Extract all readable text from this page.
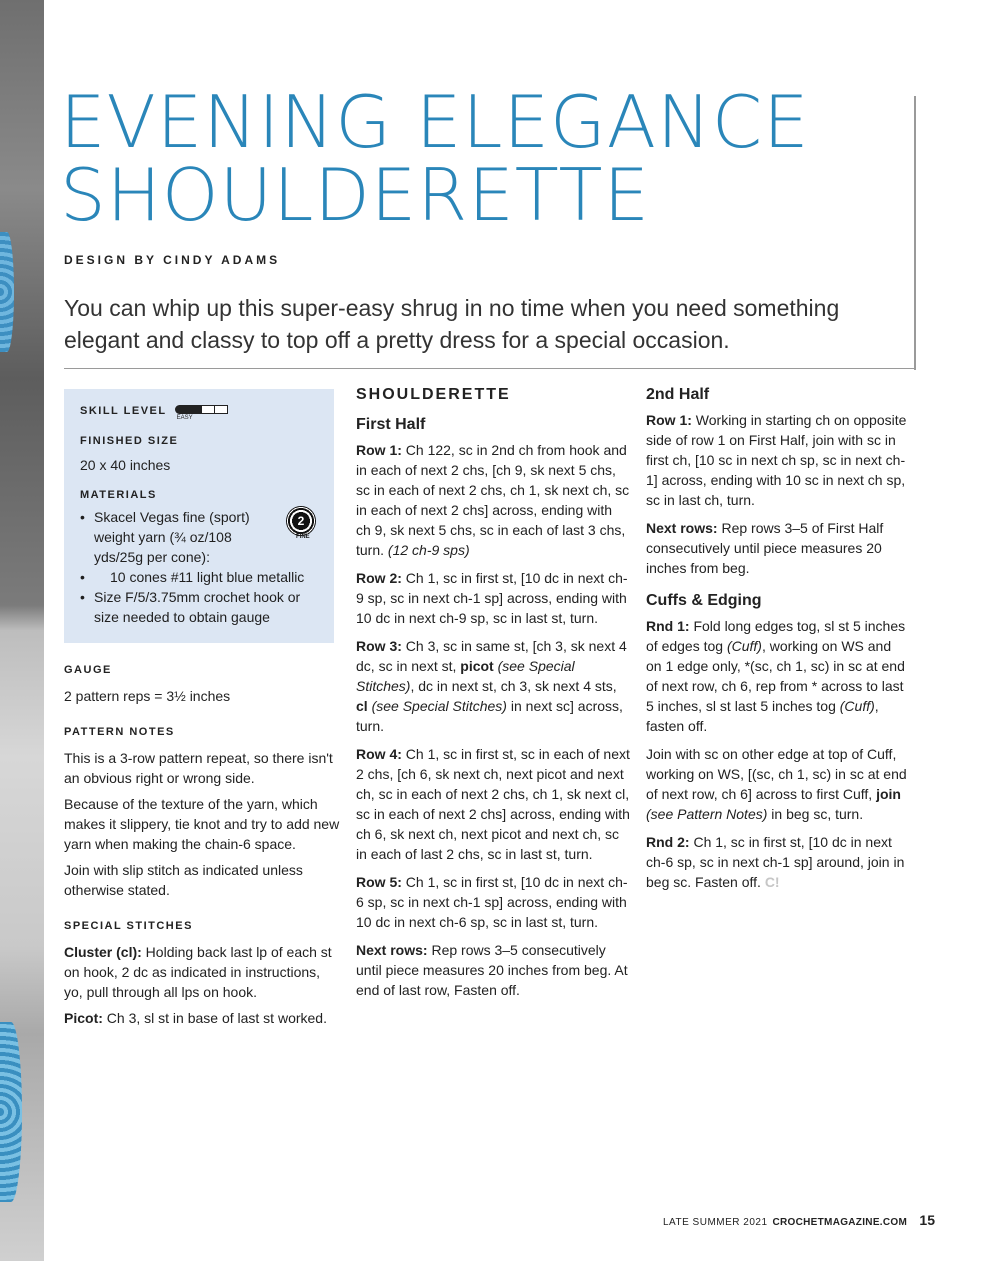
EVENING ELEGANCE
SHOULDERETTE
DESIGN BY CINDY ADAMS
You can whip up this super-easy shrug in no time when you need something elegant and classy to top off a pretty dress for a special occasion.
SKILL LEVEL
EASY
FINISHED SIZE
20 x 40 inches
MATERIALS
• Skacel Vegas fine (sport) weight yarn (¾ oz/108 yds/25g per cone):
• 10 cones #11 light blue metallic
• Size F/5/3.75mm crochet hook or size needed to obtain gauge
2
FINE
GAUGE

2 pattern reps = 3½ inches

PATTERN NOTES

This is a 3-row pattern repeat, so there isn't an obvious right or wrong side.

Because of the texture of the yarn, which makes it slippery, tie knot and try to add new yarn when making the chain-6 space.

Join with slip stitch as indicated unless otherwise stated.

SPECIAL STITCHES

Cluster (cl): Holding back last lp of each st on hook, 2 dc as indicated in instructions, yo, pull through all lps on hook.

Picot: Ch 3, sl st in base of last st worked.

SHOULDERETTE
First Half

Row 1: Ch 122, sc in 2nd ch from hook and in each of next 2 chs, [ch 9, sk next 5 chs, sc in each of next 2 chs, ch 1, sk next ch, sc in each of next 2 chs] across, ending with ch 9, sk next 5 chs, sc in each of last 3 chs, turn. (12 ch-9 sps)

Row 2: Ch 1, sc in first st, [10 dc in next ch-9 sp, sc in next ch-1 sp] across, ending with 10 dc in next ch-9 sp, sc in last st, turn.

Row 3: Ch 3, sc in same st, [ch 3, sk next 4 dc, sc in next st, picot (see Special Stitches), dc in next st, ch 3, sk next 4 sts, cl (see Special Stitches) in next sc] across, turn.

Row 4: Ch 1, sc in first st, sc in each of next 2 chs, [ch 6, sk next ch, next picot and next ch, sc in each of next 2 chs, ch 1, sk next cl, sc in each of next 2 chs] across, ending with ch 6, sk next ch, next picot and next ch, sc in each of last 2 chs, sc in last st, turn.

Row 5: Ch 1, sc in first st, [10 dc in next ch-6 sp, sc in next ch-1 sp] across, ending with 10 dc in next ch-6 sp, sc in last st, turn.

Next rows: Rep rows 3–5 consecutively until piece measures 20 inches from beg. At end of last row, Fasten off.

2nd Half

Row 1: Working in starting ch on opposite side of row 1 on First Half, join with sc in first ch, [10 sc in next ch sp, sc in next ch-1] across, ending with 10 sc in next ch sp, sc in last ch, turn.

Next rows: Rep rows 3–5 of First Half consecutively until piece measures 20 inches from beg.

Cuffs & Edging

Rnd 1: Fold long edges tog, sl st 5 inches of edges tog (Cuff), working on WS and on 1 edge only, *(sc, ch 1, sc) in sc at end of next row, ch 6, rep from * across to last 5 inches, sl st last 5 inches tog (Cuff), fasten off.

Join with sc on other edge at top of Cuff, working on WS, [(sc, ch 1, sc) in sc at end of next row, ch 6] across to first Cuff, join (see Pattern Notes) in beg sc, turn.

Rnd 2: Ch 1, sc in first st, [10 dc in next ch-6 sp, sc in next ch-1 sp] around, join in beg sc. Fasten off. C!

LATE SUMMER 2021 CROCHETMAGAZINE.COM 15
